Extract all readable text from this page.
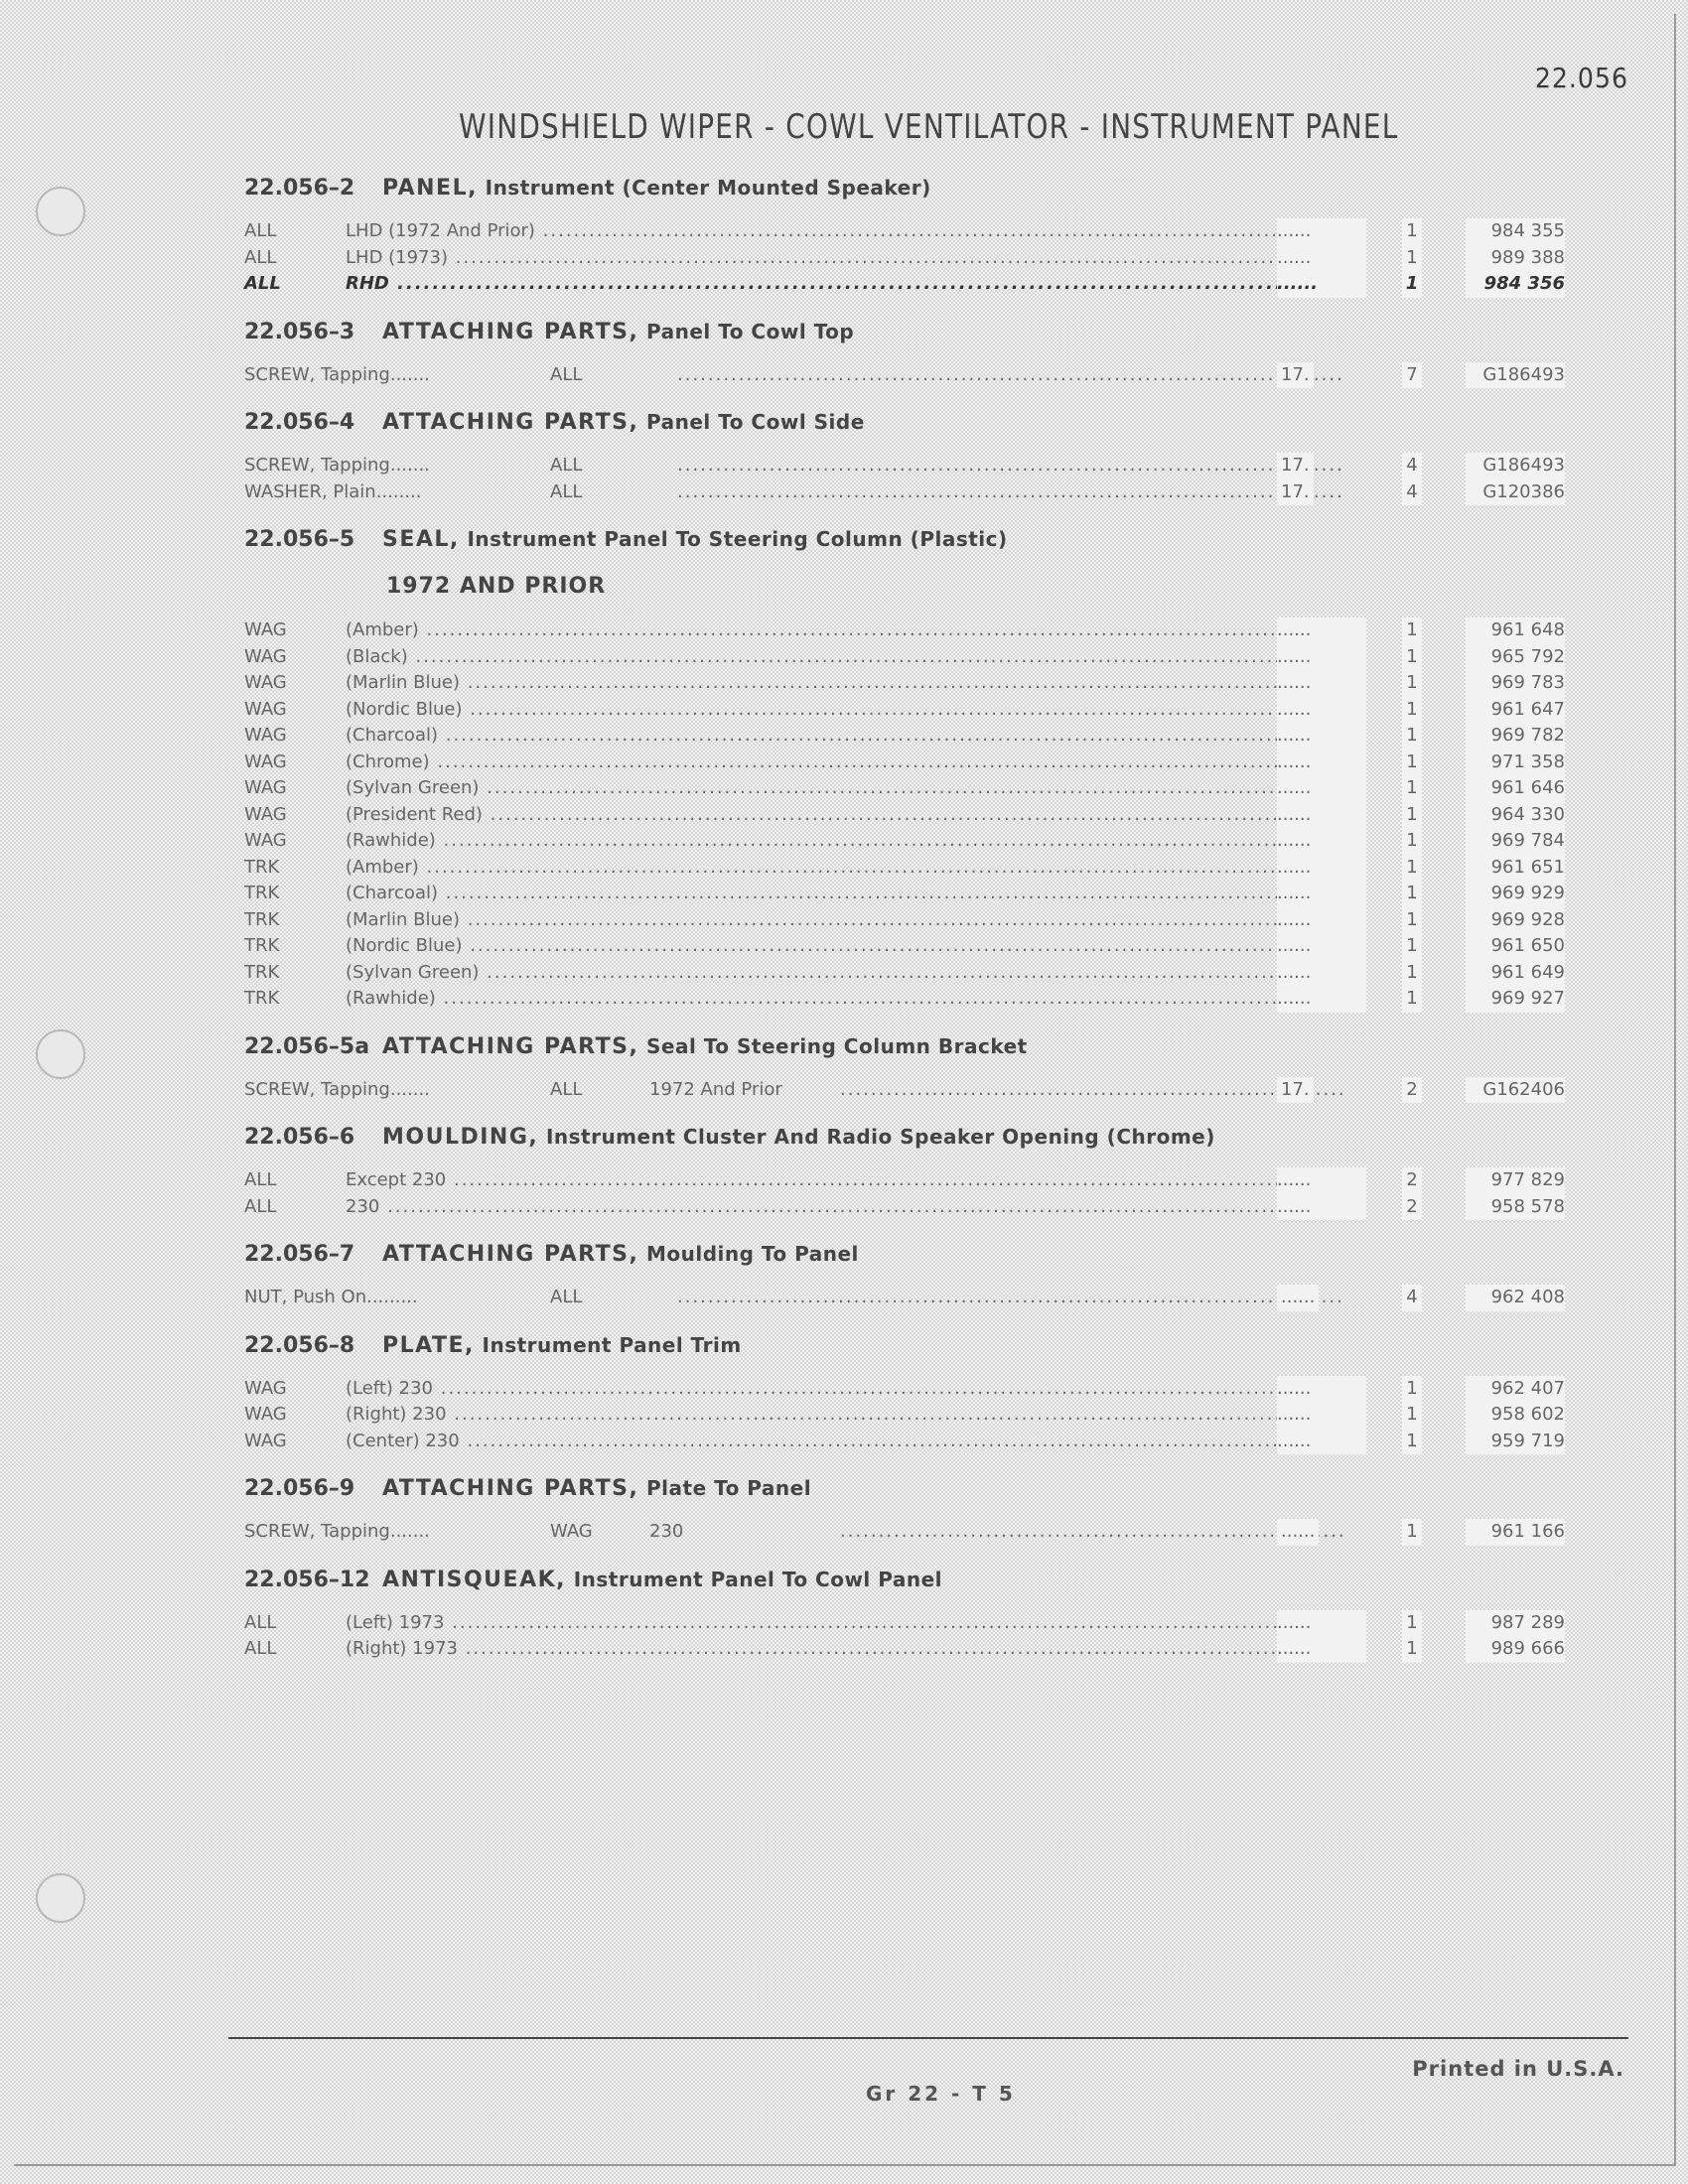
22.056
WINDSHIELD WIPER - COWL VENTILATOR - INSTRUMENT PANEL
22.056–2 PANEL, Instrument (Center Mounted Speaker)
ALL	LHD (1972 And Prior) .....	......	1	984 355
ALL	LHD (1973) .....	......	1	989 388
ALL	RHD .....	......	1	984 356
22.056–3 ATTACHING PARTS, Panel To Cowl Top
SCREW, Tapping.......	ALL .....	17.	7	G186493
22.056–4 ATTACHING PARTS, Panel To Cowl Side
SCREW, Tapping.......	ALL .....	17.	4	G186493
WASHER, Plain........	ALL .....	17.	4	G120386
22.056–5 SEAL, Instrument Panel To Steering Column (Plastic)
1972 AND PRIOR
WAG	(Amber) .....	......	1	961 648
WAG	(Black) .....	......	1	965 792
WAG	(Marlin Blue) .....	......	1	969 783
WAG	(Nordic Blue) .....	......	1	961 647
WAG	(Charcoal) .....	......	1	969 782
WAG	(Chrome) .....	......	1	971 358
WAG	(Sylvan Green) .....	......	1	961 646
WAG	(President Red) .....	......	1	964 330
WAG	(Rawhide) .....	......	1	969 784
TRK	(Amber) .....	......	1	961 651
TRK	(Charcoal) .....	......	1	969 929
TRK	(Marlin Blue) .....	......	1	969 928
TRK	(Nordic Blue) .....	......	1	961 650
TRK	(Sylvan Green) .....	......	1	961 649
TRK	(Rawhide) .....	......	1	969 927
22.056–5a ATTACHING PARTS, Seal To Steering Column Bracket
SCREW, Tapping.......	ALL	1972 And Prior .....	17.	2	G162406
22.056–6 MOULDING, Instrument Cluster And Radio Speaker Opening (Chrome)
ALL	Except 230 .....	......	2	977 829
ALL	230 .....	......	2	958 578
22.056–7 ATTACHING PARTS, Moulding To Panel
NUT, Push On.........	ALL .....	......	4	962 408
22.056–8 PLATE, Instrument Panel Trim
WAG	(Left) 230 .....	......	1	962 407
WAG	(Right) 230 .....	......	1	958 602
WAG	(Center) 230 .....	......	1	959 719
22.056–9 ATTACHING PARTS, Plate To Panel
SCREW, Tapping.......	WAG	230 .....	......	1	961 166
22.056–12 ANTISQUEAK, Instrument Panel To Cowl Panel
ALL	(Left) 1973 .....	......	1	987 289
ALL	(Right) 1973 .....	......	1	989 666
Printed in U.S.A.
Gr 22 - T 5
